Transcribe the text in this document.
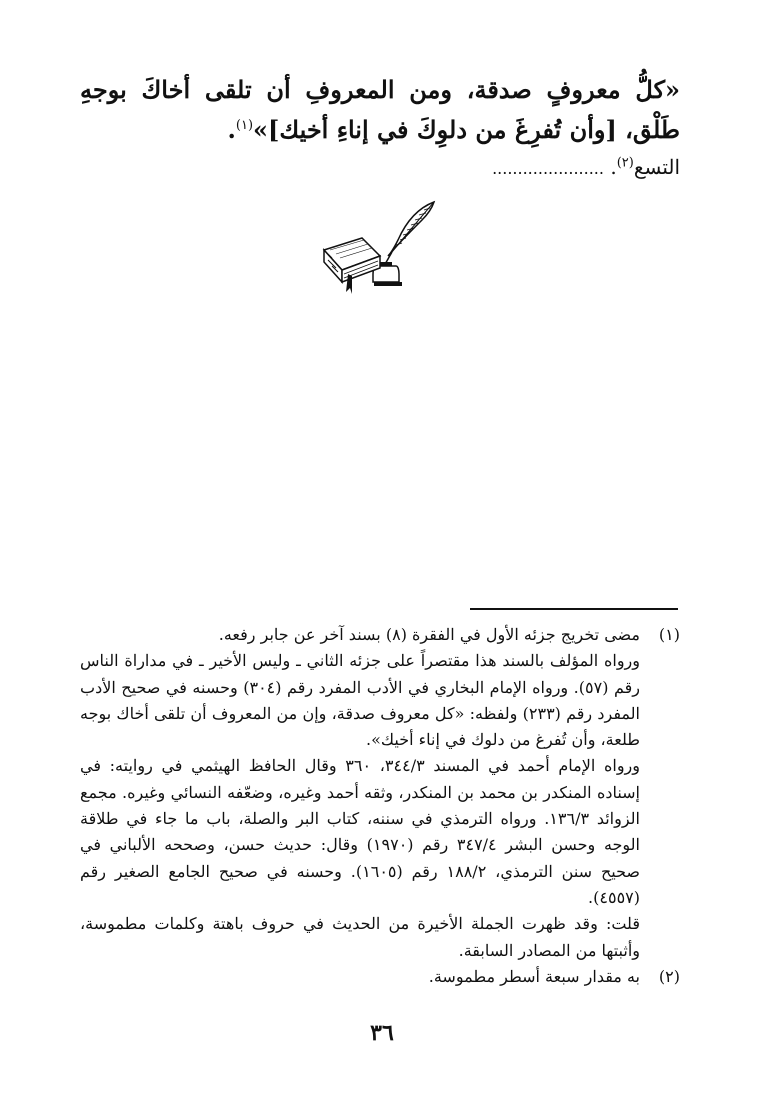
«كلُّ معروفٍ صدقة، ومن المعروفِ أن تلقى أخاكَ بوجهِ طَلْق، [وأن تُفرِغَ من دلوِكَ في إناءِ أخيك]»$^{(١)}$.

التسع$^{(٢)}$. ......................
(١)

مضى تخريج جزئه الأول في الفقرة (٨) بسند آخر عن جابر رفعه.

ورواه المؤلف بالسند هذا مقتصراً على جزئه الثاني ـ وليس الأخير ـ في مداراة الناس رقم (٥٧). ورواه الإمام البخاري في الأدب المفرد رقم (٣٠٤) وحسنه في صحيح الأدب المفرد رقم (٢٣٣) ولفظه: «كل معروف صدقة، وإن من المعروف أن تلقى أخاك بوجه طلعة، وأن تُفرغ من دلوك في إناء أخيك».

ورواه الإمام أحمد في المسند ٣٤٤/٣، ٣٦٠ وقال الحافظ الهيثمي في روايته: في إسناده المنكدر بن محمد بن المنكدر، وثقه أحمد وغيره، وضعّفه النسائي وغيره. مجمع الزوائد ١٣٦/٣. ورواه الترمذي في سننه، كتاب البر والصلة، باب ما جاء في طلاقة الوجه وحسن البشر ٣٤٧/٤ رقم (١٩٧٠) وقال: حديث حسن، وصححه الألباني في صحيح سنن الترمذي، ١٨٨/٢ رقم (١٦٠٥). وحسنه في صحيح الجامع الصغير رقم (٤٥٥٧).

قلت: وقد ظهرت الجملة الأخيرة من الحديث في حروف باهتة وكلمات مطموسة، وأثبتها من المصادر السابقة.

(٢)

به مقدار سبعة أسطر مطموسة.

٣٦
